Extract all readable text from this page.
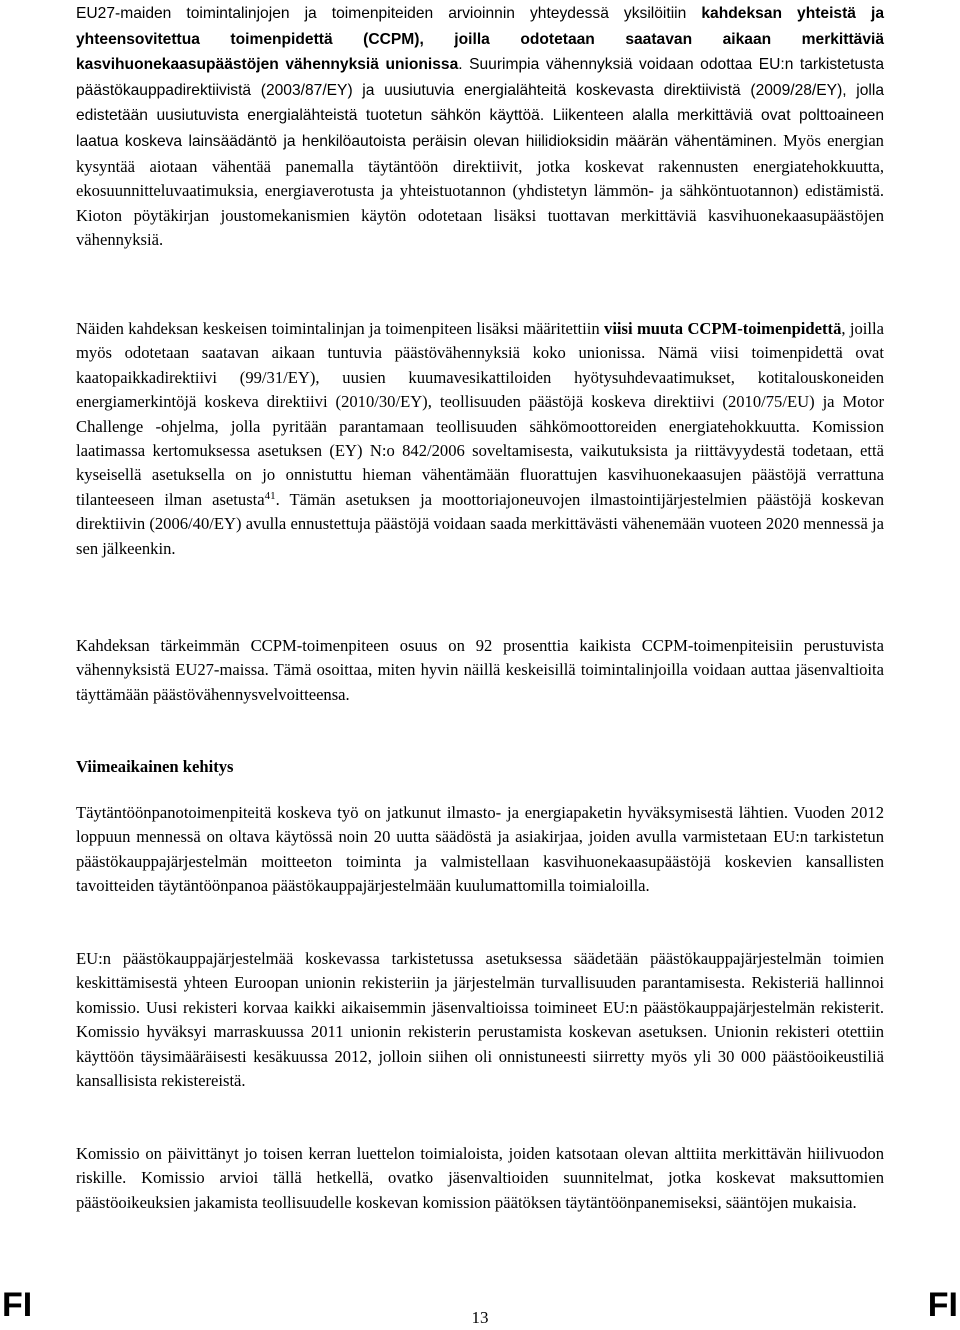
EU27-maiden toimintalinjojen ja toimenpiteiden arvioinnin yhteydessä yksilöitiin kahdeksan yhteistä ja yhteensovitettua toimenpidettä (CCPM), joilla odotetaan saatavan aikaan merkittäviä kasvihuonekaasupäästöjen vähennyksiä unionissa. Suurimpia vähennyksiä voidaan odottaa EU:n tarkistetusta päästökauppadirektiivistä (2003/87/EY) ja uusiutuvia energialähteitä koskevasta direktiivistä (2009/28/EY), jolla edistetään uusiutuvista energialähteistä tuotetun sähkön käyttöä. Liikenteen alalla merkittäviä ovat polttoaineen laatua koskeva lainsäädäntö ja henkilöautoista peräisin olevan hiilidioksidin määrän vähentäminen. Myös energian kysyntää aiotaan vähentää panemalla täytäntöön direktiivit, jotka koskevat rakennusten energiatehokkuutta, ekosuunnitteluvaatimuksia, energiaverotusta ja yhteistuotannon (yhdistetyn lämmön- ja sähköntuotannon) edistämistä. Kioton pöytäkirjan joustomekanismien käytön odotetaan lisäksi tuottavan merkittäviä kasvihuonekaasupäästöjen vähennyksiä.

Näiden kahdeksan keskeisen toimintalinjan ja toimenpiteen lisäksi määritettiin viisi muuta CCPM-toimenpidettä, joilla myös odotetaan saatavan aikaan tuntuvia päästövähennyksiä koko unionissa. Nämä viisi toimenpidettä ovat kaatopaikkadirektiivi (99/31/EY), uusien kuumavesikattiloiden hyötysuhdevaatimukset, kotitalouskoneiden energiamerkintöjä koskeva direktiivi (2010/30/EY), teollisuuden päästöjä koskeva direktiivi (2010/75/EU) ja Motor Challenge -ohjelma, jolla pyritään parantamaan teollisuuden sähkömoottoreiden energiatehokkuutta. Komission laatimassa kertomuksessa asetuksen (EY) N:o 842/2006 soveltamisesta, vaikutuksista ja riittävyydestä todetaan, että kyseisellä asetuksella on jo onnistuttu hieman vähentämään fluorattujen kasvihuonekaasujen päästöjä verrattuna tilanteeseen ilman asetusta$^{41}$. Tämän asetuksen ja moottoriajoneuvojen ilmastointijärjestelmien päästöjä koskevan direktiivin (2006/40/EY) avulla ennustettuja päästöjä voidaan saada merkittävästi vähenemään vuoteen 2020 mennessä ja sen jälkeenkin.

Kahdeksan tärkeimmän CCPM-toimenpiteen osuus on 92 prosenttia kaikista CCPM-toimenpiteisiin perustuvista vähennyksistä EU27-maissa. Tämä osoittaa, miten hyvin näillä keskeisillä toimintalinjoilla voidaan auttaa jäsenvaltioita täyttämään päästövähennysvelvoitteensa.

Viimeaikainen kehitys

Täytäntöönpanotoimenpiteitä koskeva työ on jatkunut ilmasto- ja energiapaketin hyväksymisestä lähtien. Vuoden 2012 loppuun mennessä on oltava käytössä noin 20 uutta säädöstä ja asiakirjaa, joiden avulla varmistetaan EU:n tarkistetun päästökauppajärjestelmän moitteeton toiminta ja valmistellaan kasvihuonekaasupäästöjä koskevien kansallisten tavoitteiden täytäntöönpanoa päästökauppajärjestelmään kuulumattomilla toimialoilla.

EU:n päästökauppajärjestelmää koskevassa tarkistetussa asetuksessa säädetään päästökauppajärjestelmän toimien keskittämisestä yhteen Euroopan unionin rekisteriin ja järjestelmän turvallisuuden parantamisesta. Rekisteriä hallinnoi komissio. Uusi rekisteri korvaa kaikki aikaisemmin jäsenvaltioissa toimineet EU:n päästökauppajärjestelmän rekisterit. Komissio hyväksyi marraskuussa 2011 unionin rekisterin perustamista koskevan asetuksen. Unionin rekisteri otettiin käyttöön täysimääräisesti kesäkuussa 2012, jolloin siihen oli onnistuneesti siirretty myös yli 30 000 päästöoikeustiliä kansallisista rekistereistä.

Komissio on päivittänyt jo toisen kerran luettelon toimialoista, joiden katsotaan olevan alttiita merkittävän hiilivuodon riskille. Komissio arvioi tällä hetkellä, ovatko jäsenvaltioiden suunnitelmat, jotka koskevat maksuttomien päästöoikeuksien jakamista teollisuudelle koskevan komission päätöksen täytäntöönpanemiseksi, sääntöjen mukaisia.

FI	13	FI
